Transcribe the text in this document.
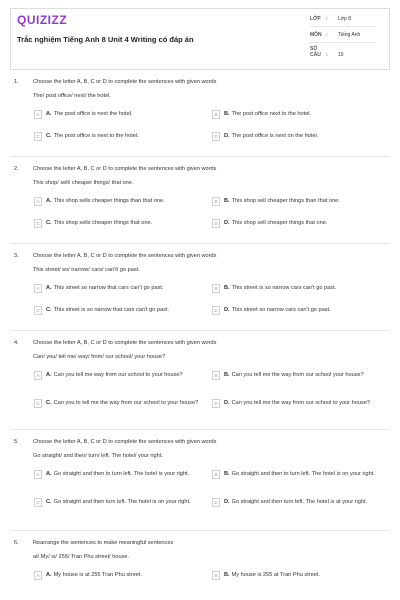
QUIZIZZ
Trắc nghiệm Tiếng Anh 8 Unit 4 Writing có đáp án
LỚP : Lớp 8
MÔN : Tiếng Anh
SỐ CÂU : 15
1.	Choose the letter A, B, C or D to complete the sentences with given words
The/ post office/ next/ the hotel.
A	A. The post office is next the hotel.	B	B. The post office next to the hotel.
C	C. The post office is next to the hotel.	D	D. The post office is next on the hotel.
2.	Choose the letter A, B, C or D to complete the sentences with given words
This shop/ sell/ cheaper things/ that one.
A	A. This shop sells cheaper things than that one.	B	B. This shop sell cheaper things than that one.
C	C. This shop sells cheaper things that one.	D	D. This shop sell cheaper things that one.
3.	Choose the letter A, B, C or D to complete the sentences with given words
This street/ so/ narrow/ cars/ can't/ go past.
A	A. This street so narrow that cars can't go past.	B	B. This street is so narrow cars can't go past.
C	C. This street is so narrow that cars can't go past.	D	D. This street so narrow cars can't go past.
4.	Choose the letter A, B, C or D to complete the sentences with given words
Can/ you/ tell me/ way/ from/ our school/ your house?
A	A. Can you tell me way from our school to your house?	B	B. Can you tell me the way from our school your house?
C	C. Can you to tell me the way from our school to your house?	D	D. Can you tell me the way from our school to your house?
5.	Choose the letter A, B, C or D to complete the sentences with given words
Go straight/ and then/ turn/ left. The hotel/ your right.
A	A. Go straight and then to turn left. The hotel is your right.	B	B. Go straight and then to turn left. The hotel is on your right.
C	C. Go straight and then turn left. The hotel is on your right.	D	D. Go straight and then turn left. The hotel is at your right.
6.	Rearrange the sentences to make meaningful sentences
at/ My/ is/ 255/ Tran Phu street/ house.
A	A. My house is at 255 Tran Phu street.	B	B. My house is 255 at Tran Phu street.
